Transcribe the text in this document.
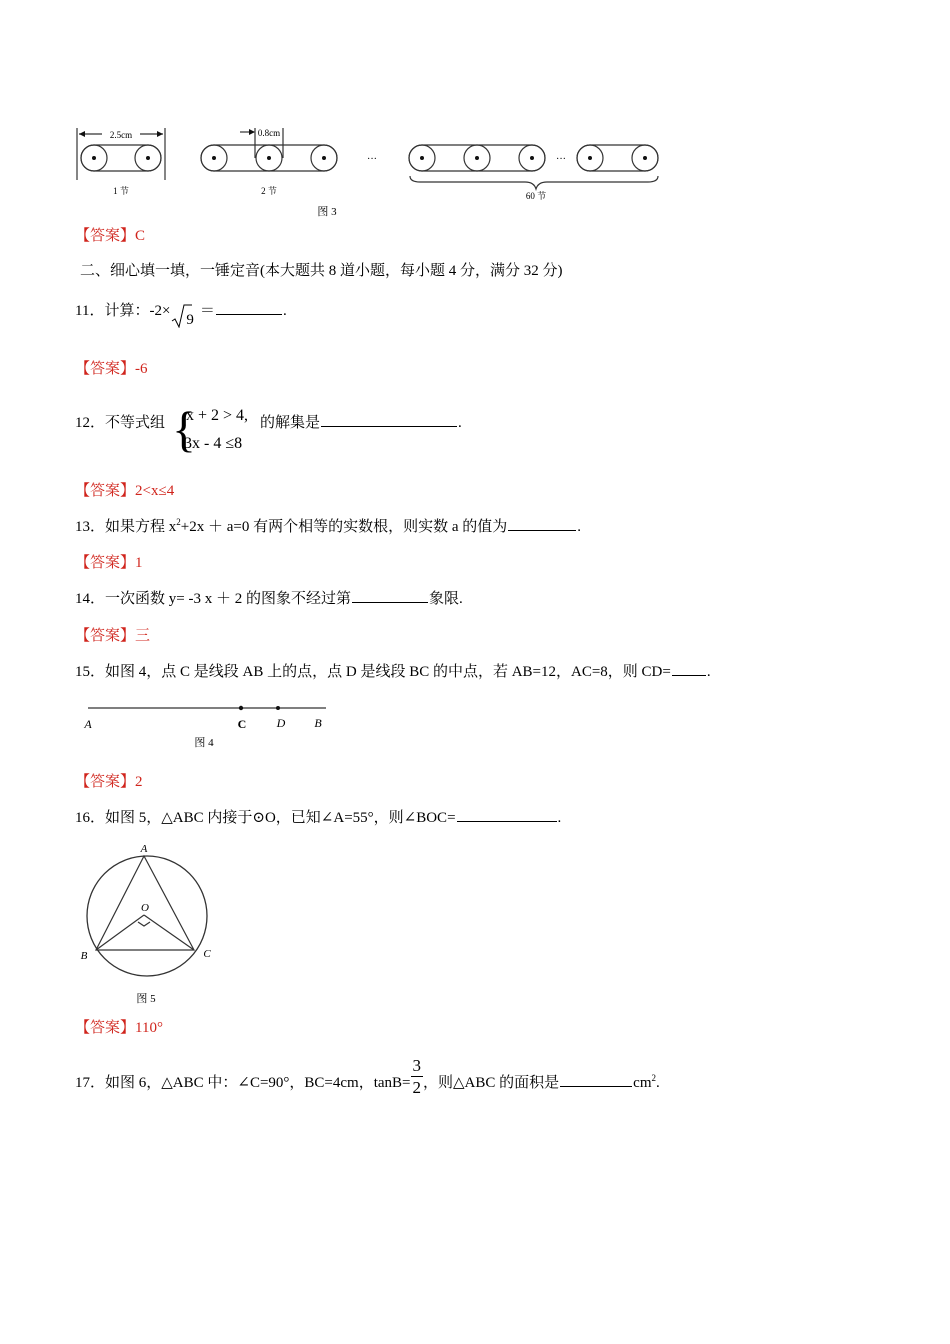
2.5cm	0.8cm
1 节	2 节	60 节
···	···
图 3
【答案】C
二、细心填一填，一锤定音(本大题共 8 道小题，每小题 4 分，满分 32 分)
11．计算：-2×
9＝	.
【答案】-6
12．不等式组 {
x + 2 > 4,
3x - 4 ≤8
的解集是	.
【答案】2<x≤4
13．如果方程 $x^2+2x + a=0$ 有两个相等的实数根，则实数 a 的值为	.
【答案】1
14．一次函数 y= -3 x ＋ 2 的图象不经过第	象限.
【答案】三
15．如图 4，点 C 是线段 AB 上的点，点 D 是线段 BC 的中点，若 AB=12，AC=8，则 CD= .
A	C	D B
图 4
【答案】2
16．如图 5，△ABC 内接于⊙O，已知∠A=55°，则∠BOC=	.
A
O
B	C
图 5
【答案】110°
17．如图 6，△ABC 中：∠C=90°，BC=4cm，$\tan B= \frac{3}{2}$ ，则△ABC 的面积是	$cm^2$.
